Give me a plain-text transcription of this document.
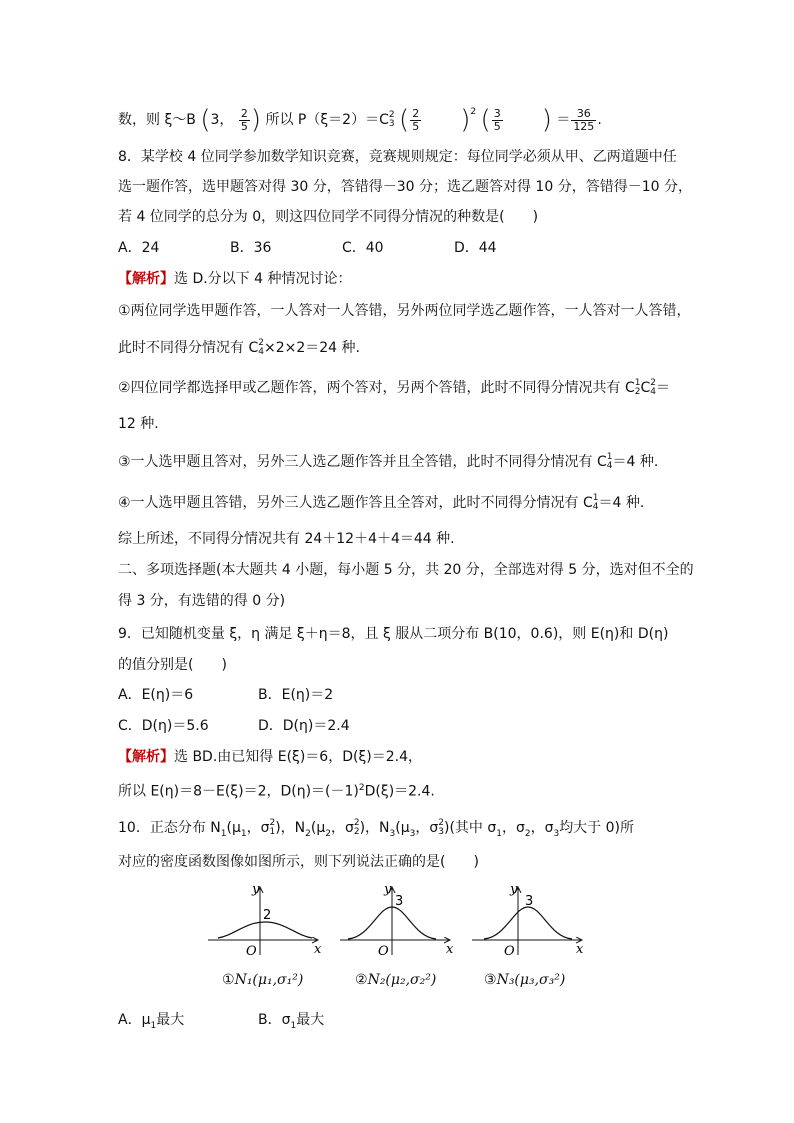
数，则 ξ～B (3， $\frac{2}{5}$ ) 所以 P（ξ＝2）＝C 2
3 ( $\frac{2}{5} )^2$ ( $\frac{3}{5}$ ) ＝ $\frac{36}{125}$ .
8．某学校 4 位同学参加数学知识竞赛，竞赛规则规定：每位同学必须从甲、乙两道题中任
选一题作答，选甲题答对得 30 分，答错得－30 分；选乙题答对得 10 分，答错得－10 分，
若 4 位同学的总分为 0，则这四位同学不同得分情况的种数是(　　)
A．24	B．36	C．40	D．44
【解析】选 D.分以下 4 种情况讨论：
①两位同学选甲题作答，一人答对一人答错，另外两位同学选乙题作答，一人答对一人答错，
此时不同得分情况有 C 2
4 ×2×2＝24 种.
②四位同学都选择甲或乙题作答，两个答对，另两个答错，此时不同得分情况共有 C 1
2 C 2
4 ＝
12 种.
③一人选甲题且答对，另外三人选乙题作答并且全答错，此时不同得分情况有 C 1
4 ＝4 种.
④一人选甲题且答错，另外三人选乙题作答且全答对，此时不同得分情况有 C 1
4 ＝4 种.
综上所述，不同得分情况共有 24＋12＋4＋4＝44 种.
二、多项选择题(本大题共 4 小题，每小题 5 分，共 20 分，全部选对得 5 分，选对但不全的
得 3 分，有选错的得 0 分)
9．已知随机变量 ξ，η 满足 ξ＋η＝8，且 ξ 服从二项分布 B(10，0.6)，则 E(η)和 D(η)
的值分别是(　　)
A．E(η)＝6	B．E(η)＝2
C．D(η)＝5.6	D．D(η)＝2.4
【解析】选 BD.由已知得 E(ξ)＝6，D(ξ)＝2.4，
所以 E(η)＝8－E(ξ)＝2，$D(\eta)=(-1)^2D(\xi)=2.4$.
10．正态分布 $N_1(\mu_1$，σ 2
1 )，$N_2(\mu_2$，σ 2
2 )，$N_3(\mu_3$，σ 2
3 )(其中 $\sigma_1$，$\sigma_2$，$\sigma_3$均大于 0)所
对应的密度函数图像如图所示，则下列说法正确的是(　　)
y
x
O
2
y
x
O
3
y
x
O
3
①N₁(μ₁,σ₁²)	②N₂(μ₂,σ₂²)	③N₃(μ₃,σ₃²)
A．$\mu_1$最大	B．$\sigma_1$最大
